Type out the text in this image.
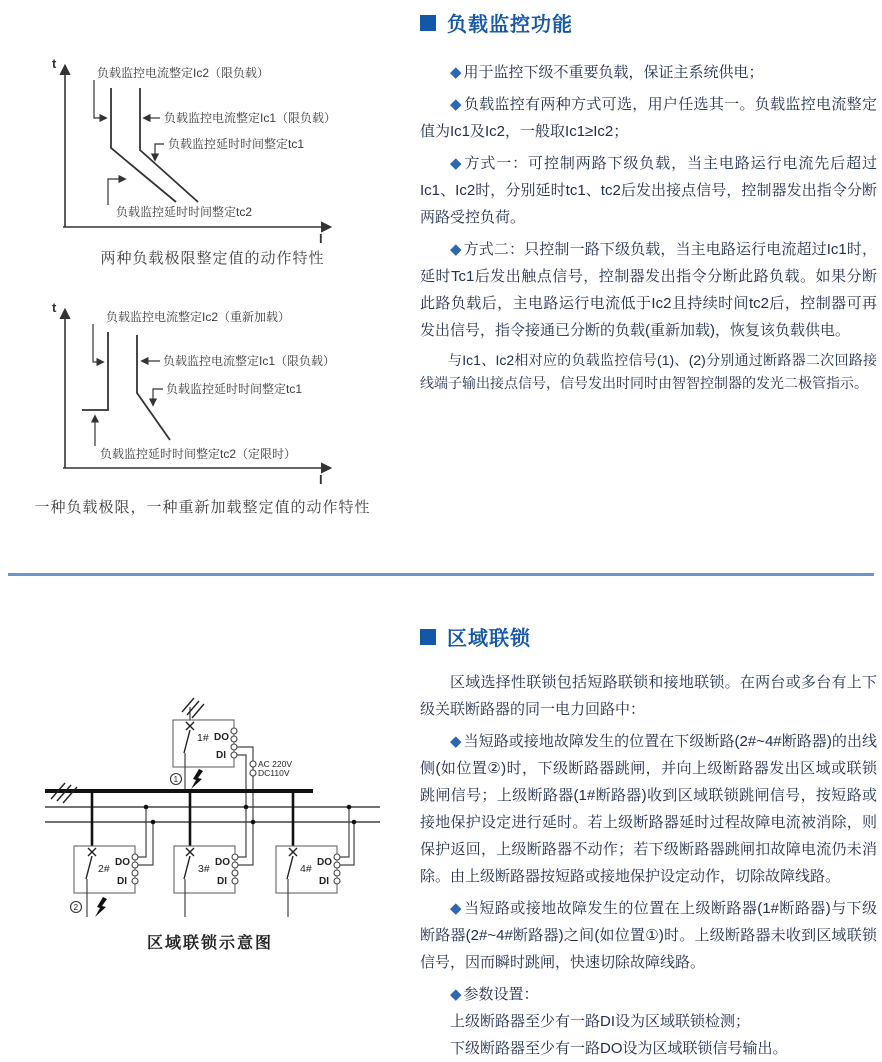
t
I
负载监控电流整定Ic2（限负载）
负载监控电流整定Ic1（限负载）
负载监控延时时间整定tc1
负载监控延时时间整定tc2
两种负载极限整定值的动作特性
t
I
负载监控电流整定Ic2（重新加载）
负载监控电流整定Ic1（限负载）
负载监控延时时间整定tc1
负载监控延时时间整定tc2（定限时）
一种负载极限，一种重新加载整定值的动作特性
负载监控功能

◆ 用于监控下级不重要负载，保证主系统供电；

◆ 负载监控有两种方式可选，用户任选其一。负载监控电流整定值为Ic1及Ic2，一般取Ic1≥Ic2；

◆ 方式一：可控制两路下级负载，当主电路运行电流先后超过Ic1、Ic2时，分别延时tc1、tc2后发出接点信号，控制器发出指令分断两路受控负荷。

◆ 方式二：只控制一路下级负载，当主电路运行电流超过Ic1时，延时Tc1后发出触点信号，控制器发出指令分断此路负载。如果分断此路负载后，主电路运行电流低于Ic2且持续时间tc2后，控制器可再发出信号，指令接通已分断的负载(重新加载)，恢复该负载供电。

与Ic1、Ic2相对应的负载监控信号(1)、(2)分别通过断路器二次回路接线端子输出接点信号，信号发出时同时由智智控制器的发光二极管指示。

区域联锁

区域选择性联锁包括短路联锁和接地联锁。在两台或多台有上下级关联断路器的同一电力回路中：

◆ 当短路或接地故障发生的位置在下级断路(2#~4#断路器)的出线侧(如位置②)时，下级断路器跳闸，并向上级断路器发出区域或联锁跳闸信号；上级断路器(1#断路器)收到区域联锁跳闸信号，按短路或接地保护设定进行延时。若上级断路器延时过程故障电流被消除，则保护返回，上级断路器不动作；若下级断路器跳闸扣故障电流仍未消除。由上级断路器按短路或接地保护设定动作，切除故障线路。

◆ 当短路或接地故障发生的位置在上级断路器(1#断路器)与下级断路器(2#~4#断路器)之间(如位置①)时。上级断路器未收到区域联锁信号，因而瞬时跳闸，快速切除故障线路。

◆ 参数设置：

上级断路器至少有一路DI设为区域联锁检测；

下级断路器至少有一路DO设为区域联锁信号输出。

1# DO
DI
1
AC 220V
DC110V
2#
DO
DI
2
3#
DO
DI
4#
DO
DI
区域联锁示意图
